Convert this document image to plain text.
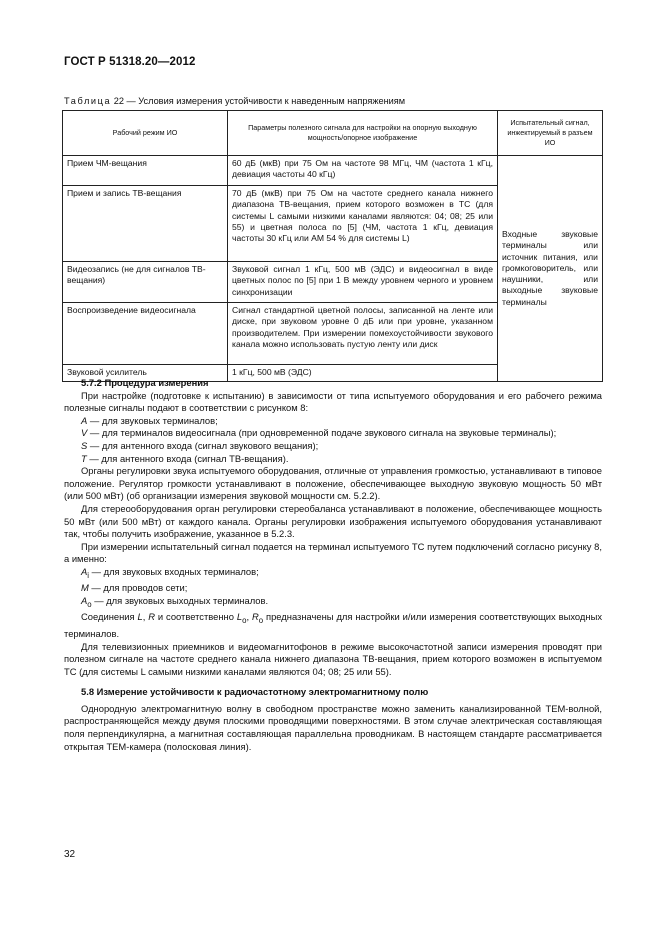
ГОСТ Р 51318.20—2012
Таблица 22 — Условия измерения устойчивости к наведенным напряжениям
Рабочий режим ИО	Параметры полезного сигнала для настройки на опорную выходную мощность/опорное изображение	Испытательный сигнал, инжектируемый в разъем ИО
Прием ЧМ-вещания	60 дБ (мкВ) при 75 Ом на частоте 98 МГц, ЧМ (частота 1 кГц, девиация частоты 40 кГц)	Входные звуковые терминалы или источник питания, или громкоговоритель, или наушники, или выходные звуковые терминалы
Прием и запись ТВ-вещания	70 дБ (мкВ) при 75 Ом на частоте среднего канала нижнего диапазона ТВ-вещания, прием которого возможен в ТС (для системы L самыми низкими каналами являются: 04; 08; 25 или 55) и цветная полоса по [5] (ЧМ, частота 1 кГц, девиация частоты 30 кГц или АМ 54 % для системы L)	
Видеозапись (не для сигналов ТВ-вещания)	Звуковой сигнал 1 кГц, 500 мВ (ЭДС) и видеосигнал в виде цветных полос по [5] при 1 В между уровнем черного и уровнем синхронизации	
Воспроизведение видеосигнала	Сигнал стандартной цветной полосы, записанной на ленте или диске, при звуковом уровне 0 дБ или при уровне, указанном производителем. При измерении помехоустойчивости звукового канала можно использовать пустую ленту или диск	
Звуковой усилитель	1 кГц, 500 мВ (ЭДС)	

5.7.2 Процедура измерения

При настройке (подготовке к испытанию) в зависимости от типа испытуемого оборудования и его рабочего режима полезные сигналы подают в соответствии с рисунком 8:

A — для звуковых терминалов;

V — для терминалов видеосигнала (при одновременной подаче звукового сигнала на звуковые терминалы);

S — для антенного входа (сигнал звукового вещания);

T — для антенного входа (сигнал ТВ-вещания).

Органы регулировки звука испытуемого оборудования, отличные от управления громкостью, устанавливают в типовое положение. Регулятор громкости устанавливают в положение, обеспечивающее выходную звуковую мощность 50 мВт (или 500 мВт) (об организации измерения звуковой мощности см. 5.2.2).

Для стереооборудования орган регулировки стереобаланса устанавливают в положение, обеспечивающее мощность 50 мВт (или 500 мВт) от каждого канала. Органы регулировки изображения испытуемого оборудования устанавливают так, чтобы получить изображение, указанное в 5.2.3.

При измерении испытательный сигнал подается на терминал испытуемого ТС путем подключений согласно рисунку 8, а именно:

$A_i$ — для звуковых входных терминалов;

M — для проводов сети;

$A_o$ — для звуковых выходных терминалов.

Соединения L, R и соответственно $L_o$, $R_o$ предназначены для настройки и/или измерения соответствующих выходных терминалов.

Для телевизионных приемников и видеомагнитофонов в режиме высокочастотной записи измерения проводят при полезном сигнале на частоте среднего канала нижнего диапазона ТВ-вещания, прием которого возможен в испытуемом ТС (для системы L самыми низкими каналами являются 04; 08; 25 или 55).

5.8 Измерение устойчивости к радиочастотному электромагнитному полю

Однородную электромагнитную волну в свободном пространстве можно заменить канализированной ТЕМ-волной, распространяющейся между двумя плоскими проводящими поверхностями. В этом случае электрическая составляющая поля перпендикулярна, а магнитная составляющая параллельна проводникам. В настоящем стандарте рассматривается открытая ТЕМ-камера (полосковая линия).

32
